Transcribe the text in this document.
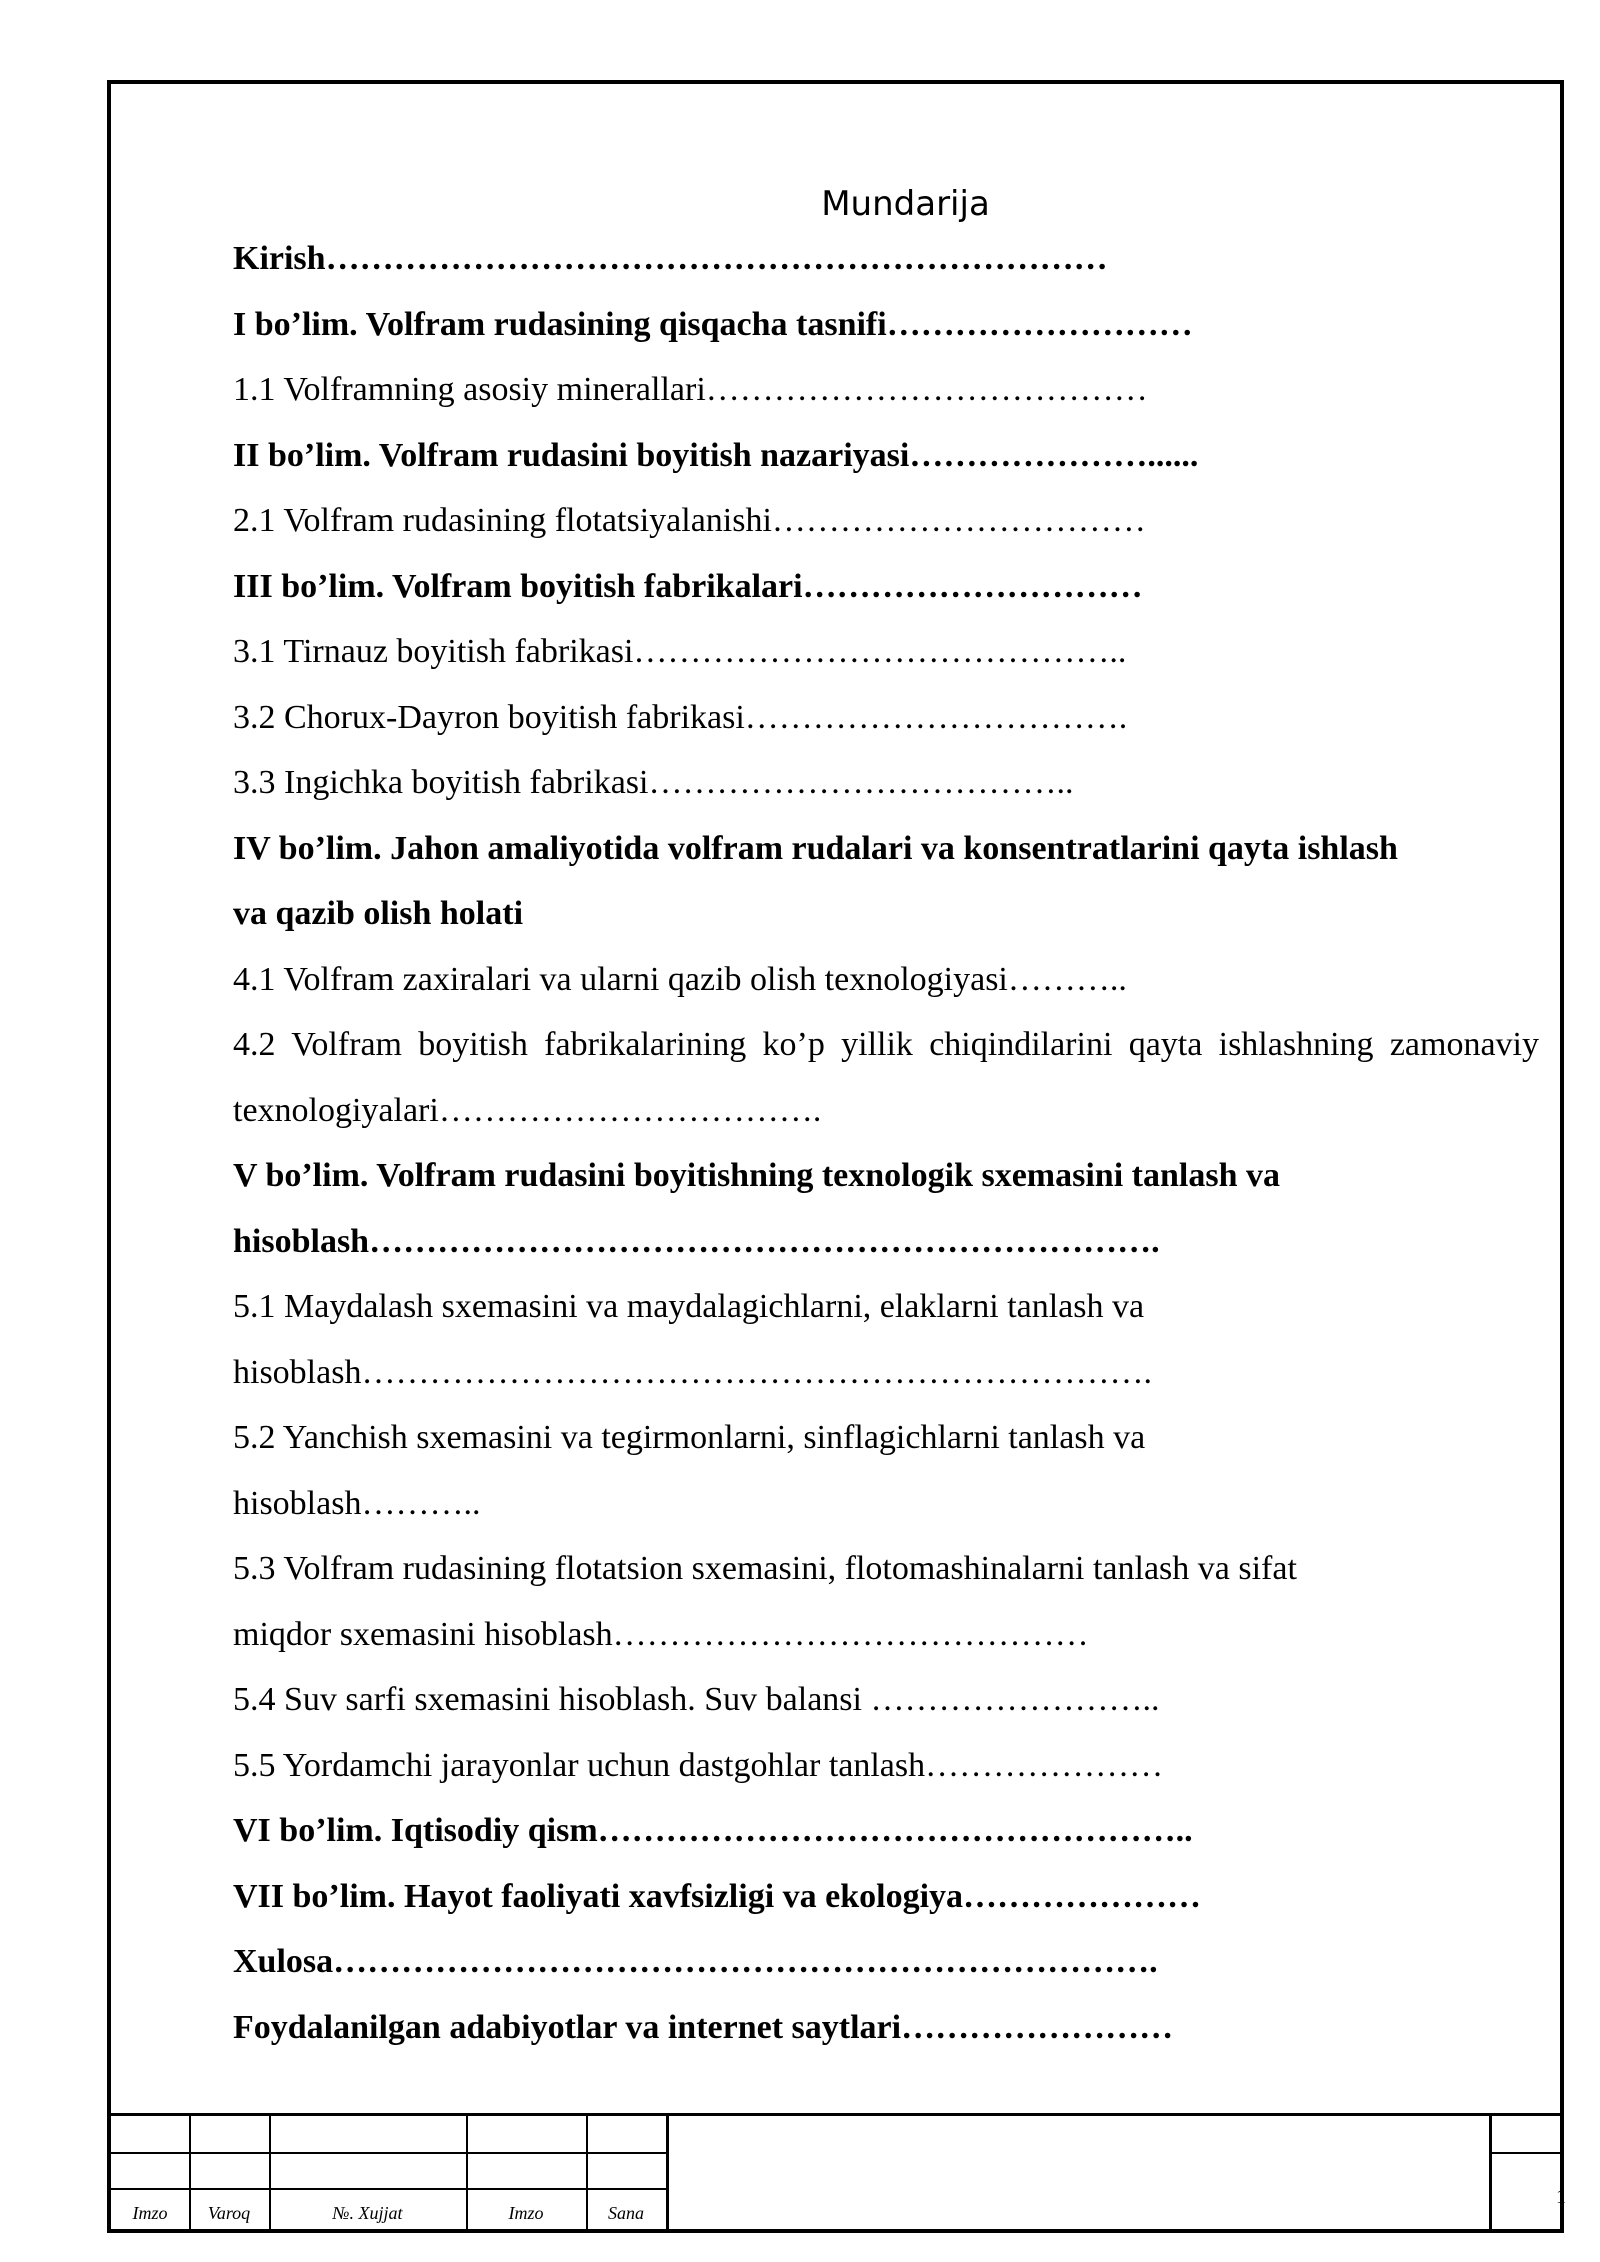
Mundarija
Kirish……………………………………………………………
I bo’lim. Volfram rudasining qisqacha tasnifi………………………
1.1 Volframning asosiy minerallari…………………………………
II bo’lim. Volfram rudasini boyitish nazariyasi…………………......
2.1 Volfram rudasining flotatsiyalanishi……………………………
III bo’lim. Volfram boyitish fabrikalari…………………………
3.1 Tirnauz boyitish fabrikasi……………………………………..
3.2 Chorux-Dayron boyitish fabrikasi…………………………….
3.3 Ingichka boyitish fabrikasi………………………………..
IV bo’lim. Jahon amaliyotida volfram rudalari va konsentratlarini qayta ishlash
va qazib olish holati
4.1 Volfram zaxiralari va ularni qazib olish texnologiyasi………..
4.2 Volfram boyitish fabrikalarining ko’p yillik chiqindilarini qayta ishlashning zamonaviy texnologiyalari…………………………….
V bo’lim. Volfram rudasini boyitishning texnologik sxemasini tanlash va
hisoblash…………………………………………………………….
5.1 Maydalash sxemasini va maydalagichlarni, elaklarni tanlash va
hisoblash…………………………………………………………….
5.2 Yanchish sxemasini va tegirmonlarni, sinflagichlarni tanlash va
hisoblash………..
5.3 Volfram rudasining flotatsion sxemasini, flotomashinalarni tanlash va sifat
miqdor sxemasini hisoblash……………………………………
5.4 Suv sarfi sxemasini hisoblash. Suv balansi ……………………..
5.5 Yordamchi jarayonlar uchun dastgohlar tanlash…………………
VI bo’lim. Iqtisodiy qism……………………………………………..
VII bo’lim. Hayot faoliyati xavfsizligi va ekologiya…………………
Xulosa……………………………………………………………….
Foydalanilgan adabiyotlar va internet saytlari……………………
Imzo	Varoq	№. Xujjat	Imzo	Sana
1
